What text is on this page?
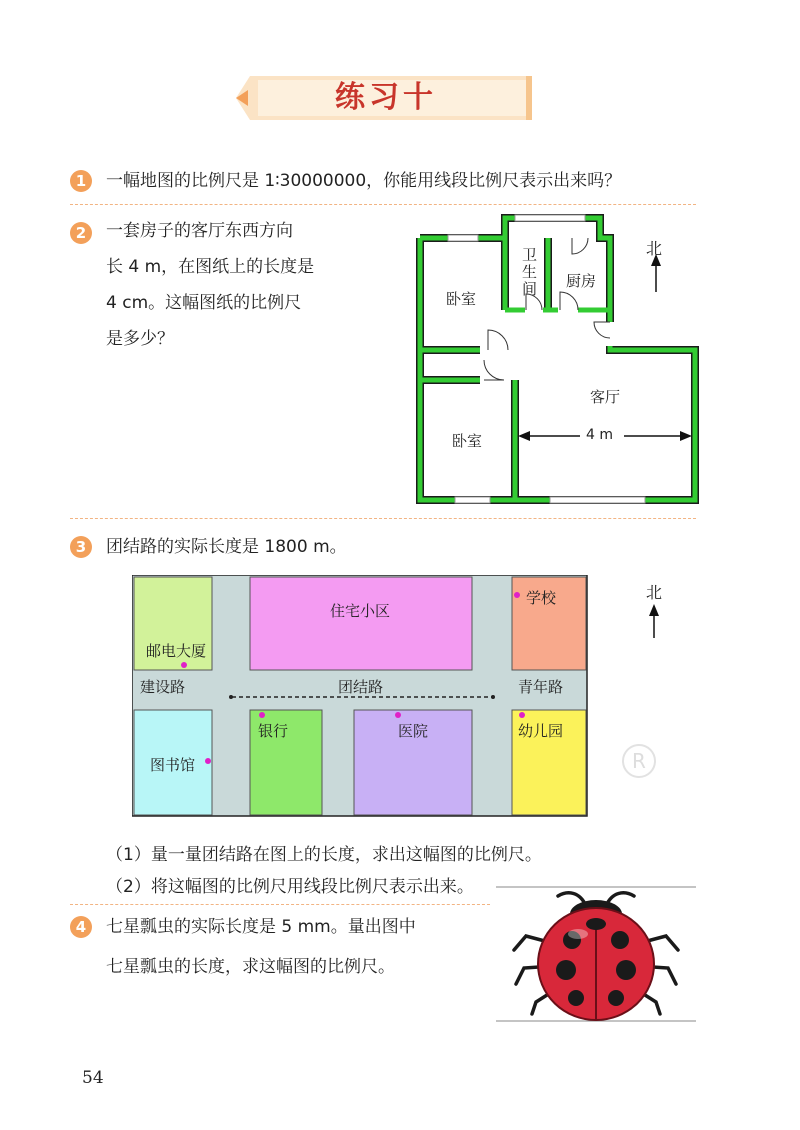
练习十
1	一幅地图的比例尺是 1∶30000000，你能用线段比例尺表示出来吗？
2	一套房子的客厅东西方向
长 4 m，在图纸上的长度是
4 cm。这幅图纸的比例尺
是多少？
卧室
卫
生
间 厨房
客厅
卧室	4 m
北
3	团结路的实际长度是 1800 m。
邮电大厦
住宅小区
学校
建设路	团结路	青年路
图书馆
银行	医院	幼儿园
北
R
（1）量一量团结路在图上的长度，求出这幅图的比例尺。
（2）将这幅图的比例尺用线段比例尺表示出来。
4	七星瓢虫的实际长度是 5 mm。量出图中
七星瓢虫的长度，求这幅图的比例尺。
54
